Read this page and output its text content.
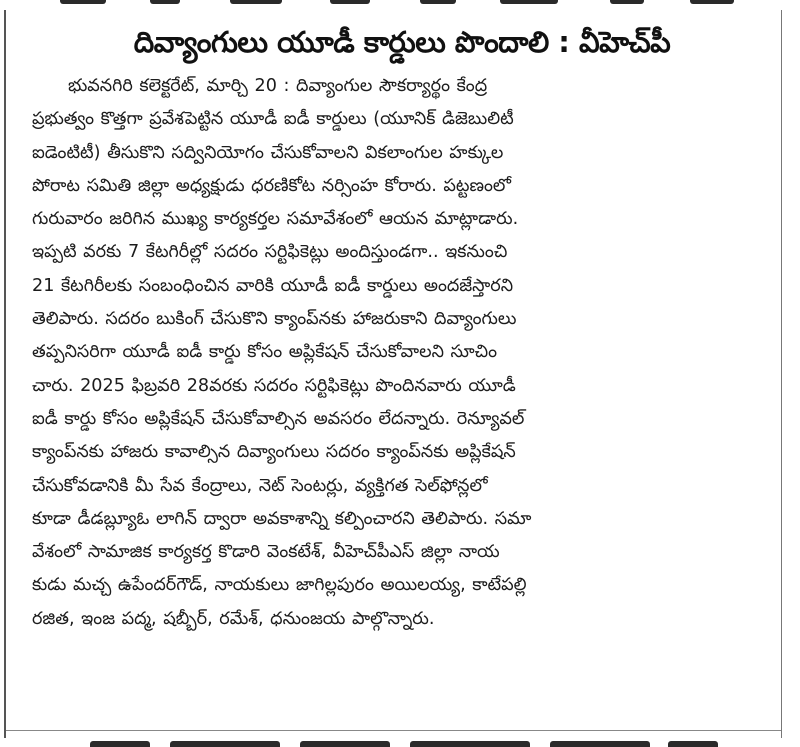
దివ్యాంగులు యూడీ కార్డులు పొందాలి : వీహెచ్‌పీ
భువనగిరి కలెక్టరేట్, మార్చి 20 : దివ్యాంగుల సౌకర్యార్థం కేంద్ర
ప్రభుత్వం కొత్తగా ప్రవేశపెట్టిన యూడీ ఐడీ కార్డులు (యూనిక్ డిజెబులిటీ
ఐడెంటిటీ) తీసుకొని సద్వినియోగం చేసుకోవాలని వికలాంగుల హక్కుల
పోరాట సమితి జిల్లా అధ్యక్షుడు ధరణికోట నర్సింహ కోరారు. పట్టణంలో
గురువారం జరిగిన ముఖ్య కార్యకర్తల సమావేశంలో ఆయన మాట్లాడారు.
ఇప్పటి వరకు 7 కేటగిరీల్లో సదరం సర్టిఫికెట్లు అందిస్తుండగా.. ఇకనుంచి
21 కేటగిరీలకు సంబంధించిన వారికి యూడీ ఐడీ కార్డులు అందజేస్తారని
తెలిపారు. సదరం బుకింగ్ చేసుకొని క్యాంప్‌నకు హాజరుకాని దివ్యాంగులు
తప్పనిసరిగా యూడీ ఐడీ కార్డు కోసం అప్లికేషన్ చేసుకోవాలని సూచిం
చారు. 2025 ఫిబ్రవరి 28వరకు సదరం సర్టిఫికెట్లు పొందినవారు యూడీ
ఐడీ కార్డు కోసం అప్లికేషన్ చేసుకోవాల్సిన అవసరం లేదన్నారు. రెన్యూవల్
క్యాంప్‌నకు హాజరు కావాల్సిన దివ్యాంగులు సదరం క్యాంప్‌నకు అప్లికేషన్
చేసుకోవడానికి మీ సేవ కేంద్రాలు, నెట్ సెంటర్లు, వ్యక్తిగత సెల్‌ఫోన్లలో
కూడా డీడబ్ల్యూఓ లాగిన్ ద్వారా అవకాశాన్ని కల్పించారని తెలిపారు. సమా
వేశంలో సామాజిక కార్యకర్త కొడారి వెంకటేశ్, వీహెచ్‌పీఎస్ జిల్లా నాయ
కుడు మచ్చ ఉపేందర్‌గౌడ్, నాయకులు జాగిల్లపురం అయిలయ్య, కాటేపల్లి
రజిత, ఇంజ పద్మ, షబ్బీర్, రమేశ్, ధనుంజయ పాల్గొన్నారు.
